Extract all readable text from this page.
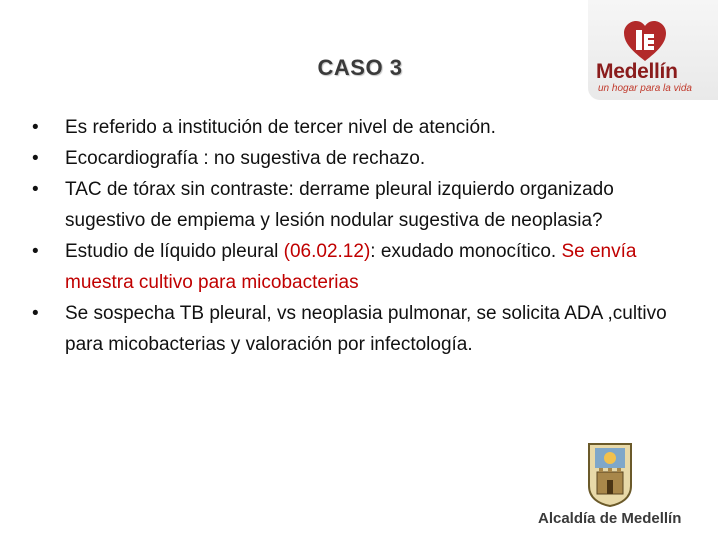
CASO 3	Medellín
un hogar para la vida
• Es referido a institución de tercer nivel de atención.
• Ecocardiografía : no sugestiva de rechazo.
• TAC de tórax sin contraste: derrame pleural izquierdo organizado sugestivo de empiema y lesión nodular sugestiva de neoplasia?
• Estudio de líquido pleural (06.02.12): exudado monocítico. Se envía muestra cultivo para micobacterias
• Se sospecha TB pleural, vs neoplasia pulmonar, se solicita ADA ,cultivo para micobacterias y valoración por infectología.
Alcaldía de Medellín
